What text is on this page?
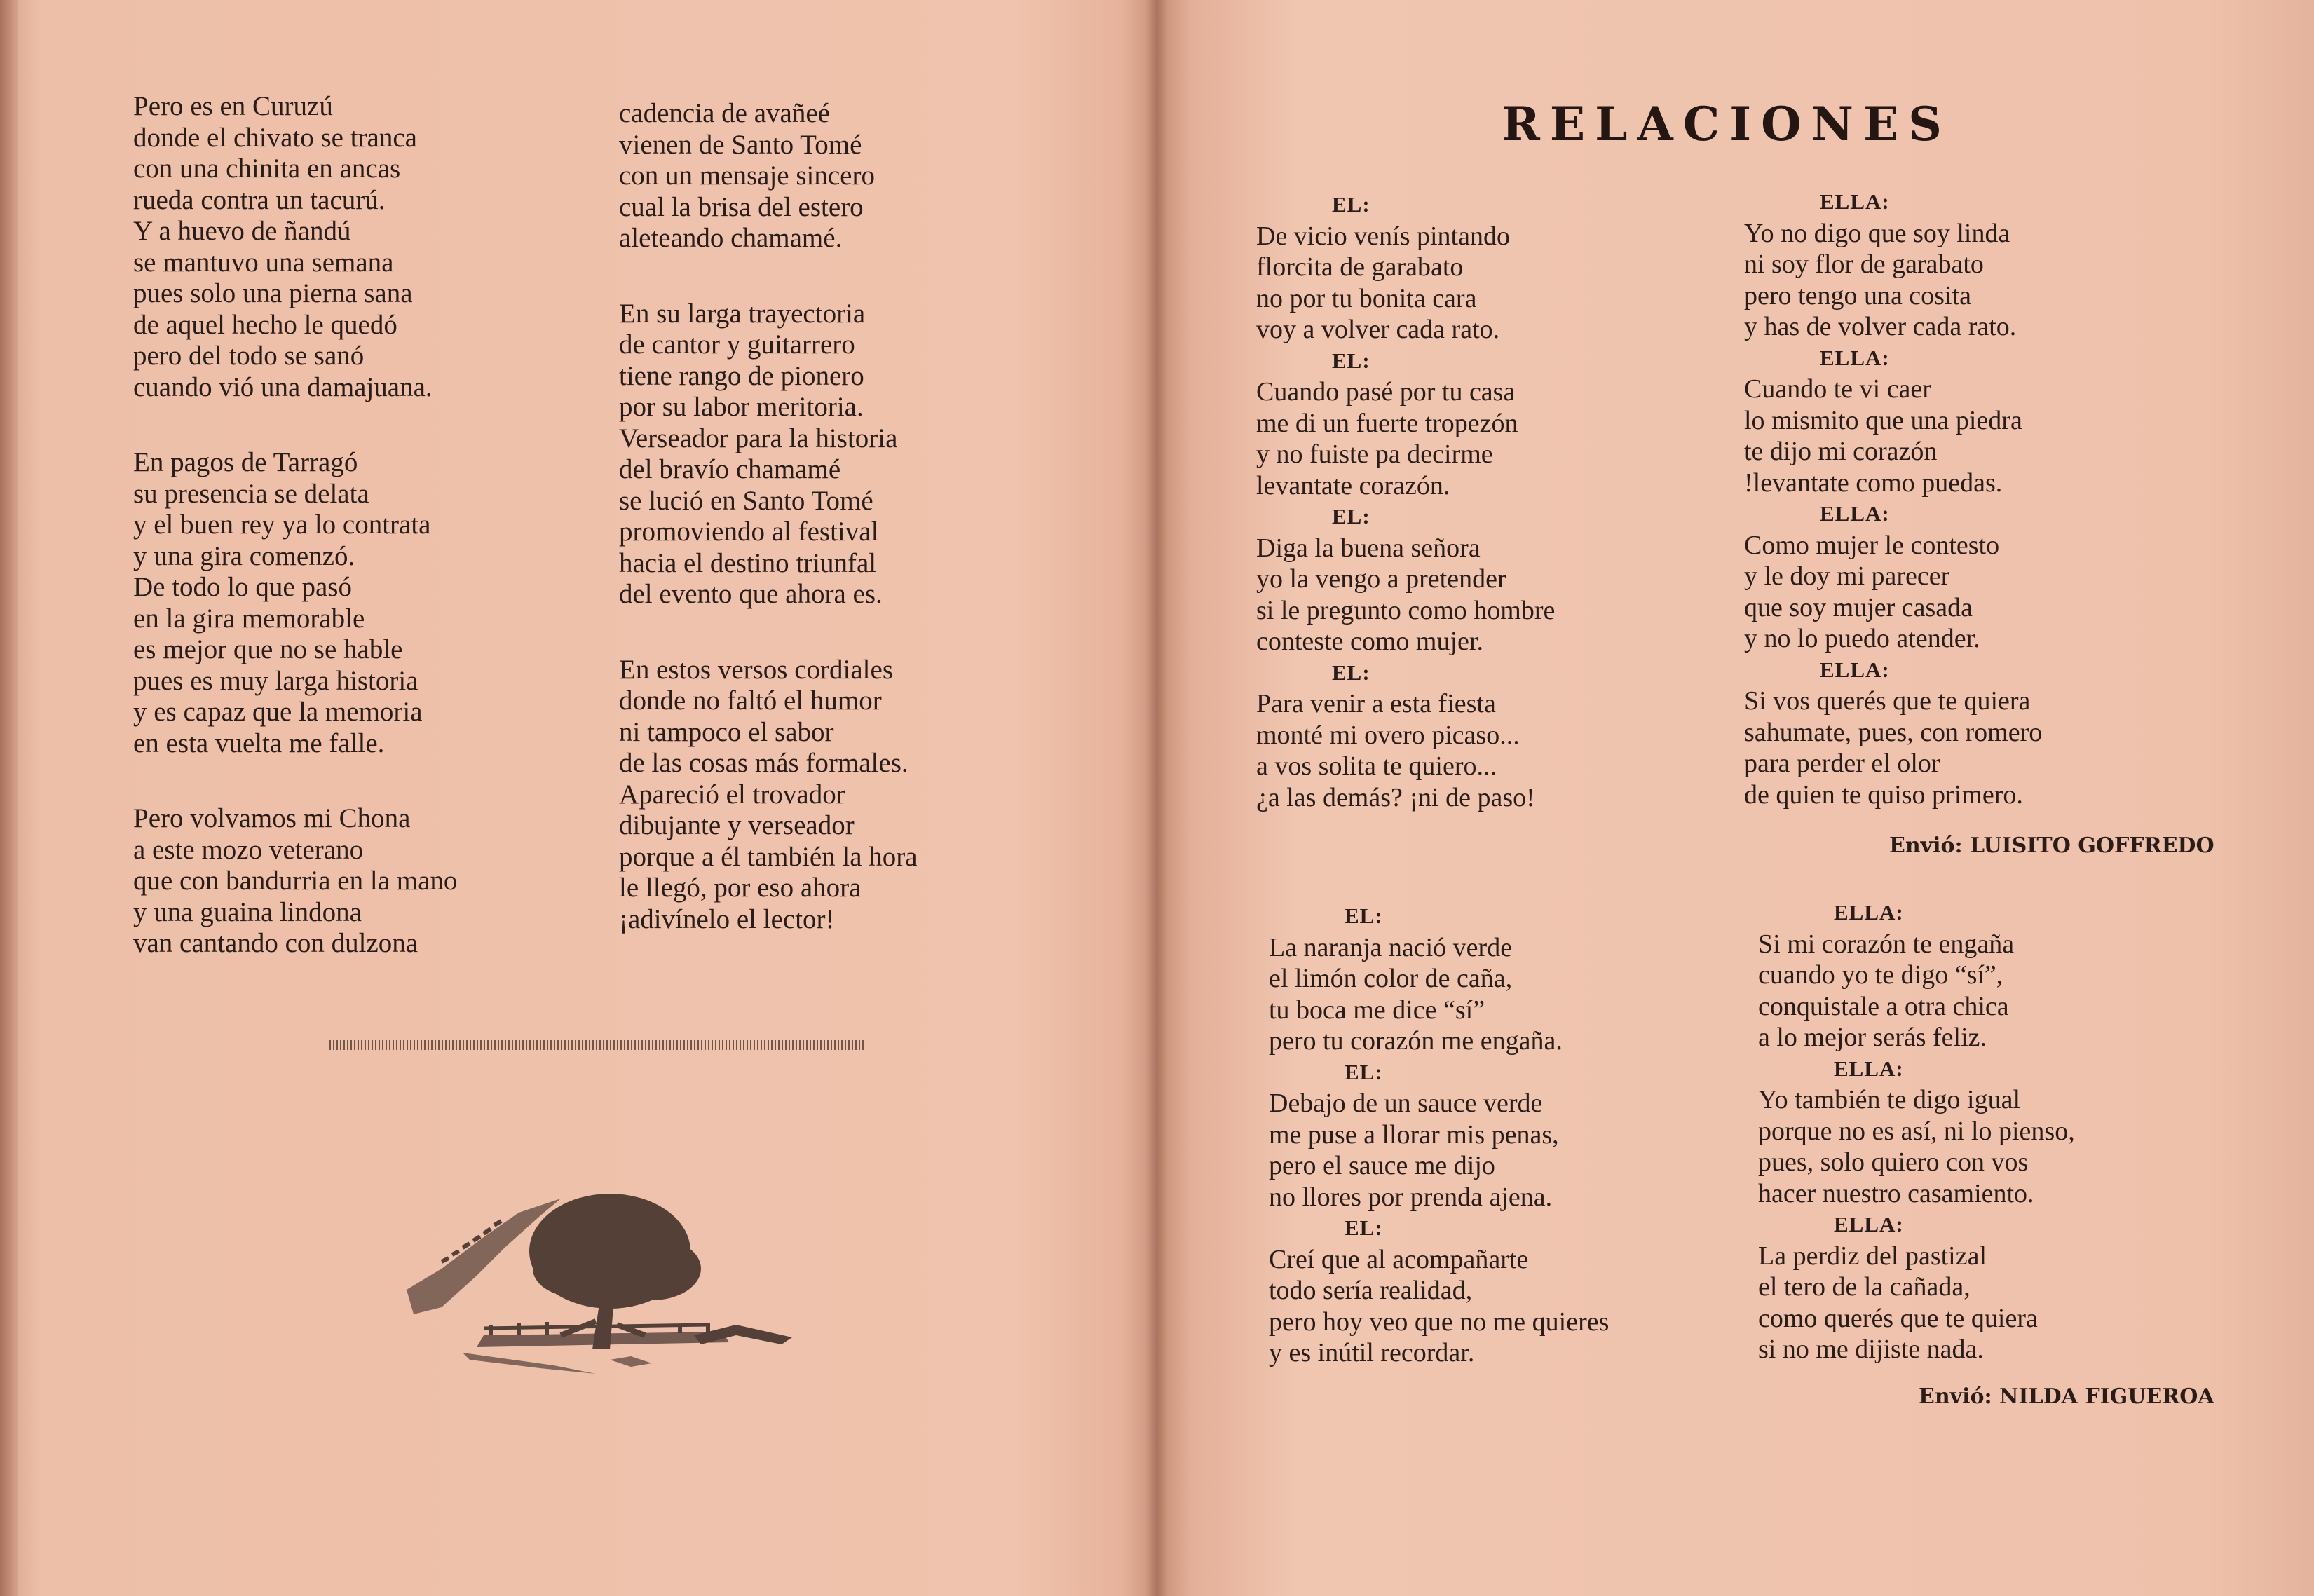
Pero es en Curuzú
donde el chivato se tranca
con una chinita en ancas
rueda contra un tacurú.
Y a huevo de ñandú
se mantuvo una semana
pues solo una pierna sana
de aquel hecho le quedó
pero del todo se sanó
cuando vió una damajuana.
En pagos de Tarragó
su presencia se delata
y el buen rey ya lo contrata
y una gira comenzó.
De todo lo que pasó
en la gira memorable
es mejor que no se hable
pues es muy larga historia
y es capaz que la memoria
en esta vuelta me falle.
Pero volvamos mi Chona
a este mozo veterano
que con bandurria en la mano
y una guaina lindona
van cantando con dulzona
cadencia de avañeé
vienen de Santo Tomé
con un mensaje sincero
cual la brisa del estero
aleteando chamamé.
En su larga trayectoria
de cantor y guitarrero
tiene rango de pionero
por su labor meritoria.
Verseador para la historia
del bravío chamamé
se lució en Santo Tomé
promoviendo al festival
hacia el destino triunfal
del evento que ahora es.
En estos versos cordiales
donde no faltó el humor
ni tampoco el sabor
de las cosas más formales.
Apareció el trovador
dibujante y verseador
porque a él también la hora
le llegó, por eso ahora
¡adivínelo el lector!
RELACIONES
EL:
De vicio venís pintando
florcita de garabato
no por tu bonita cara
voy a volver cada rato.
EL:
Cuando pasé por tu casa
me di un fuerte tropezón
y no fuiste pa decirme
levantate corazón.
EL:
Diga la buena señora
yo la vengo a pretender
si le pregunto como hombre
conteste como mujer.
EL:
Para venir a esta fiesta
monté mi overo picaso...
a vos solita te quiero...
¿a las demás? ¡ni de paso!
ELLA:
Yo no digo que soy linda
ni soy flor de garabato
pero tengo una cosita
y has de volver cada rato.
ELLA:
Cuando te vi caer
lo mismito que una piedra
te dijo mi corazón
!levantate como puedas.
ELLA:
Como mujer le contesto
y le doy mi parecer
que soy mujer casada
y no lo puedo atender.
ELLA:
Si vos querés que te quiera
sahumate, pues, con romero
para perder el olor
de quien te quiso primero.
Envió: LUISITO GOFFREDO
EL:
La naranja nació verde
el limón color de caña,
tu boca me dice “sí”
pero tu corazón me engaña.
EL:
Debajo de un sauce verde
me puse a llorar mis penas,
pero el sauce me dijo
no llores por prenda ajena.
EL:
Creí que al acompañarte
todo sería realidad,
pero hoy veo que no me quieres
y es inútil recordar.
ELLA:
Si mi corazón te engaña
cuando yo te digo “sí”,
conquistale a otra chica
a lo mejor serás feliz.
ELLA:
Yo también te digo igual
porque no es así, ni lo pienso,
pues, solo quiero con vos
hacer nuestro casamiento.
ELLA:
La perdiz del pastizal
el tero de la cañada,
como querés que te quiera
si no me dijiste nada.
Envió: NILDA FIGUEROA
